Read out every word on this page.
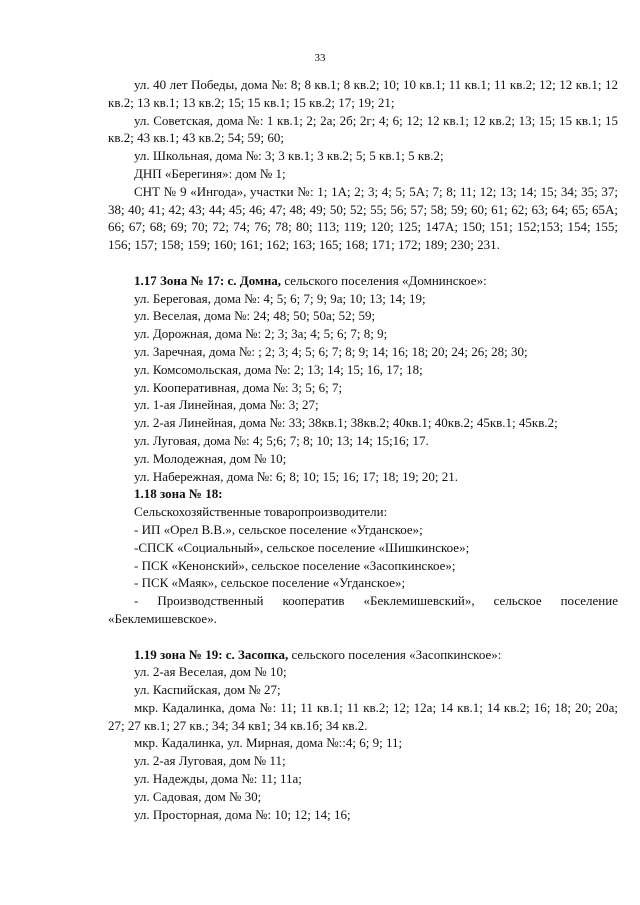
33

ул. 40 лет Победы, дома №: 8; 8 кв.1; 8 кв.2; 10; 10 кв.1; 11 кв.1; 11 кв.2; 12; 12 кв.1; 12 кв.2; 13 кв.1; 13 кв.2; 15; 15 кв.1; 15 кв.2; 17; 19; 21;

ул. Советская, дома №: 1 кв.1; 2; 2а; 2б; 2г; 4; 6; 12; 12 кв.1; 12 кв.2; 13; 15; 15 кв.1; 15 кв.2; 43 кв.1; 43 кв.2; 54; 59; 60;

ул. Школьная, дома №: 3; 3 кв.1; 3 кв.2; 5; 5 кв.1; 5 кв.2;

ДНП «Берегиня»: дом № 1;

СНТ № 9 «Ингода», участки №: 1; 1А; 2; 3; 4; 5; 5А; 7; 8; 11; 12; 13; 14; 15; 34; 35; 37; 38; 40; 41; 42; 43; 44; 45; 46; 47; 48; 49; 50; 52; 55; 56; 57; 58; 59; 60; 61; 62; 63; 64; 65; 65А; 66; 67; 68; 69; 70; 72; 74; 76; 78; 80; 113; 119; 120; 125; 147А; 150; 151; 152;153; 154; 155; 156; 157; 158; 159; 160; 161; 162; 163; 165; 168; 171; 172; 189; 230; 231.

1.17 Зона № 17: с. Домна, сельского поселения «Домнинское»:

ул. Береговая, дома №: 4; 5; 6; 7; 9; 9а; 10; 13; 14; 19;

ул. Веселая, дома №: 24; 48; 50; 50а; 52; 59;

ул. Дорожная, дома №: 2; 3; 3а; 4; 5; 6; 7; 8; 9;

ул. Заречная, дома №: ; 2; 3; 4; 5; 6; 7; 8; 9; 14; 16; 18; 20; 24; 26; 28; 30;

ул. Комсомольская, дома №: 2; 13; 14; 15; 16, 17; 18;

ул. Кооперативная, дома №: 3; 5; 6; 7;

ул. 1-ая Линейная, дома №: 3; 27;

ул. 2-ая Линейная, дома №: 33; 38кв.1; 38кв.2; 40кв.1; 40кв.2; 45кв.1; 45кв.2;

ул. Луговая, дома №: 4; 5;6; 7; 8; 10; 13; 14; 15;16; 17.

ул. Молодежная, дом № 10;

ул. Набережная, дома №: 6; 8; 10; 15; 16; 17; 18; 19; 20; 21.

1.18 зона № 18:

Сельскохозяйственные товаропроизводители:

- ИП «Орел В.В.», сельское поселение «Угданское»;

-СПСК «Социальный», сельское поселение «Шишкинское»;

- ПСК «Кенонский», сельское поселение «Засопкинское»;

- ПСК «Маяк», сельское поселение «Угданское»;

- Производственный кооператив «Беклемишевский», сельское поселение «Беклемишевское».

1.19 зона № 19: с. Засопка, сельского поселения «Засопкинское»:

ул. 2-ая Веселая, дом № 10;

ул. Каспийская, дом № 27;

мкр. Кадалинка, дома №: 11; 11 кв.1; 11 кв.2; 12; 12а; 14 кв.1; 14 кв.2; 16; 18; 20; 20а; 27; 27 кв.1; 27 кв.; 34; 34 кв1; 34 кв.1б; 34 кв.2.

мкр. Кадалинка, ул. Мирная, дома №::4; 6; 9; 11;

ул. 2-ая Луговая, дом № 11;

ул. Надежды, дома №: 11; 11а;

ул. Садовая, дом № 30;

ул. Просторная, дома №: 10; 12; 14; 16;
